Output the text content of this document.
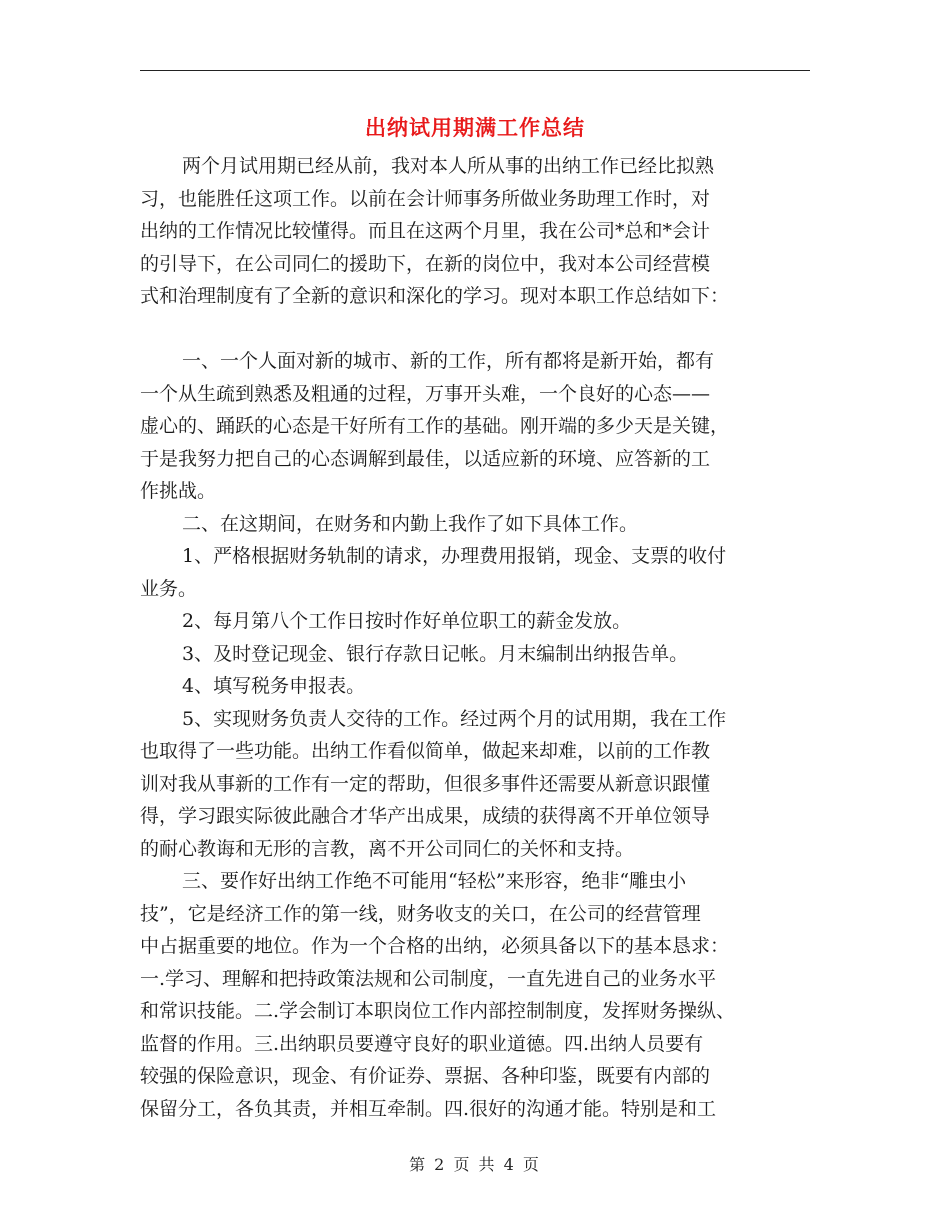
出纳试用期满工作总结
两个月试用期已经从前，我对本人所从事的出纳工作已经比拟熟
习，也能胜任这项工作。以前在会计师事务所做业务助理工作时，对
出纳的工作情况比较懂得。而且在这两个月里，我在公司*总和*会计
的引导下，在公司同仁的援助下，在新的岗位中，我对本公司经营模
式和治理制度有了全新的意识和深化的学习。现对本职工作总结如下：
一、一个人面对新的城市、新的工作，所有都将是新开始，都有
一个从生疏到熟悉及粗通的过程，万事开头难，一个良好的心态——
虚心的、踊跃的心态是干好所有工作的基础。刚开端的多少天是关键，
于是我努力把自己的心态调解到最佳，以适应新的环境、应答新的工
作挑战。
二、在这期间，在财务和内勤上我作了如下具体工作。
1、严格根据财务轨制的请求，办理费用报销，现金、支票的收付
业务。
2、每月第八个工作日按时作好单位职工的薪金发放。
3、及时登记现金、银行存款日记帐。月末编制出纳报告单。
4、填写税务申报表。
5、实现财务负责人交待的工作。经过两个月的试用期，我在工作
也取得了一些功能。出纳工作看似简单，做起来却难，以前的工作教
训对我从事新的工作有一定的帮助，但很多事件还需要从新意识跟懂
得，学习跟实际彼此融合才华产出成果，成绩的获得离不开单位领导
的耐心教诲和无形的言教，离不开公司同仁的关怀和支持。
三、要作好出纳工作绝不可能用“轻松”来形容，绝非“雕虫小
技”，它是经济工作的第一线，财务收支的关口，在公司的经营管理
中占据重要的地位。作为一个合格的出纳，必须具备以下的基本恳求：
一.学习、理解和把持政策法规和公司制度，一直先进自己的业务水平
和常识技能。二.学会制订本职岗位工作内部控制制度，发挥财务操纵、
监督的作用。三.出纳职员要遵守良好的职业道德。四.出纳人员要有
较强的保险意识，现金、有价证券、票据、各种印鉴，既要有内部的
保留分工，各负其责，并相互牵制。四.很好的沟通才能。特别是和工
第 2 页 共 4 页
